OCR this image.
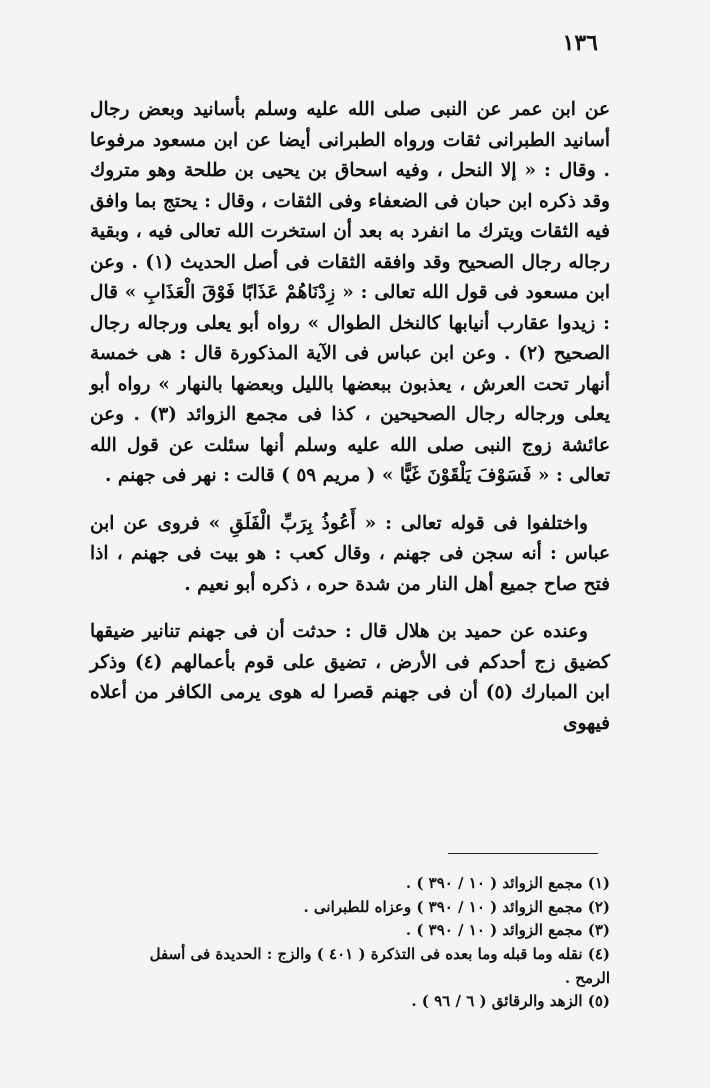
١٣٦

عن ابن عمر عن النبى صلى الله عليه وسلم بأسانيد وبعض رجال أسانيد الطبرانى ثقات ورواه الطبرانى أيضا عن ابن مسعود مرفوعا . وقال : « إلا النحل ، وفيه اسحاق بن يحيى بن طلحة وهو متروك وقد ذكره ابن حبان فى الضعفاء وفى الثقات ، وقال : يحتج بما وافق فيه الثقات ويترك ما انفرد به بعد أن استخرت الله تعالى فيه ، وبقية رجاله رجال الصحيح وقد وافقه الثقات فى أصل الحديث (١) . وعن ابن مسعود فى قول الله تعالى : « زِدْنَاهُمْ عَذَابًا فَوْقَ الْعَذَابِ » قال : زيدوا عقارب أنيابها كالنخل الطوال » رواه أبو يعلى ورجاله رجال الصحيح (٢) . وعن ابن عباس فى الآية المذكورة قال : هى خمسة أنهار تحت العرش ، يعذبون ببعضها بالليل وبعضها بالنهار » رواه أبو يعلى ورجاله رجال الصحيحين ، كذا فى مجمع الزوائد (٣) . وعن عائشة زوج النبى صلى الله عليه وسلم أنها سئلت عن قول الله تعالى : « فَسَوْفَ يَلْقَوْنَ غَيًّا » ( مريم ٥٩ ) قالت : نهر فى جهنم .

واختلفوا فى قوله تعالى : « أَعُوذُ بِرَبِّ الْفَلَقِ » فروى عن ابن عباس : أنه سجن فى جهنم ، وقال كعب : هو بيت فى جهنم ، اذا فتح صاح جميع أهل النار من شدة حره ، ذكره أبو نعيم .

وعنده عن حميد بن هلال قال : حدثت أن فى جهنم تنانير ضيقها كضيق زج أحدكم فى الأرض ، تضيق على قوم بأعمالهم (٤) وذكر ابن المبارك (٥) أن فى جهنم قصرا له هوى يرمى الكافر من أعلاه فيهوى

(١) مجمع الزوائد ( ١٠ / ٣٩٠ ) .

(٢) مجمع الزوائد ( ١٠ / ٣٩٠ ) وعزاه للطبرانى .

(٣) مجمع الزوائد ( ١٠ / ٣٩٠ ) .

(٤) نقله وما قبله وما بعده فى التذكرة ( ٤٠١ ) والزج : الحديدة فى أسفل الرمح .

(٥) الزهد والرقائق ( ٦ / ٩٦ ) .
